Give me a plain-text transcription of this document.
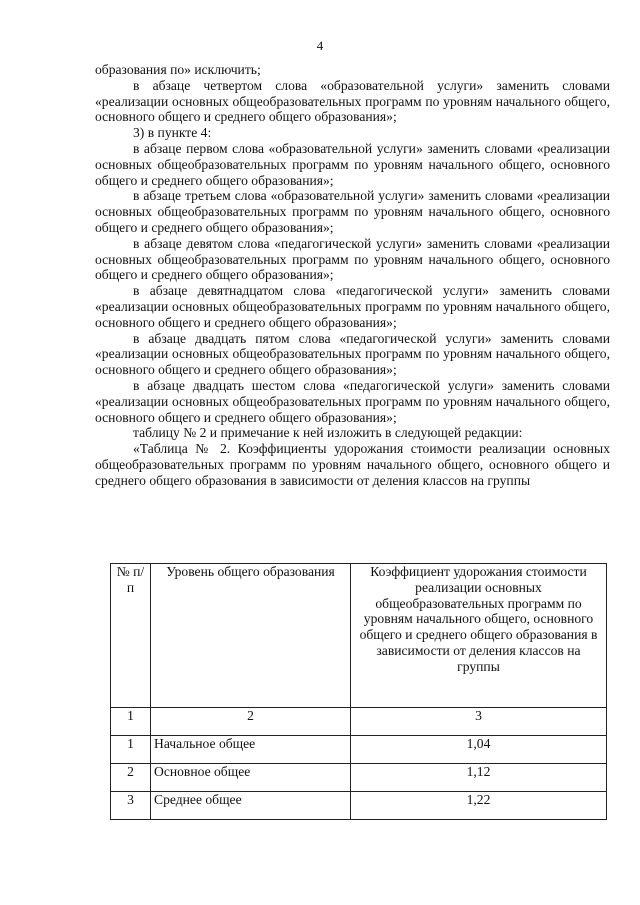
4

образования по» исключить;

в абзаце четвертом слова «образовательной услуги» заменить словами «реализации основных общеобразовательных программ по уровням начального общего, основного общего и среднего общего образования»;

3) в пункте 4:

в абзаце первом слова «образовательной услуги» заменить словами «реализации основных общеобразовательных программ по уровням начального общего, основного общего и среднего общего образования»;

в абзаце третьем слова «образовательной услуги» заменить словами «реализации основных общеобразовательных программ по уровням начального общего, основного общего и среднего общего образования»;

в абзаце девятом слова «педагогической услуги» заменить словами «реализации основных общеобразовательных программ по уровням начального общего, основного общего и среднего общего образования»;

в абзаце девятнадцатом слова «педагогической услуги» заменить словами «реализации основных общеобразовательных программ по уровням начального общего, основного общего и среднего общего образования»;

в абзаце двадцать пятом слова «педагогической услуги» заменить словами «реализации основных общеобразовательных программ по уровням начального общего, основного общего и среднего общего образования»;

в абзаце двадцать шестом слова «педагогической услуги» заменить словами «реализации основных общеобразовательных программ по уровням начального общего, основного общего и среднего общего образования»;

таблицу № 2 и примечание к ней изложить в следующей редакции:

«Таблица № 2. Коэффициенты удорожания стоимости реализации основных общеобразовательных программ по уровням начального общего, основного общего и среднего общего образования в зависимости от деления классов на группы

№ п/п	Уровень общего образования	Коэффициент удорожания стоимости реализации основных общеобразовательных программ по уровням начального общего, основного общего и среднего общего образования в зависимости от деления классов на группы
1	2	3
1	Начальное общее	1,04
2	Основное общее	1,12
3	Среднее общее	1,22
